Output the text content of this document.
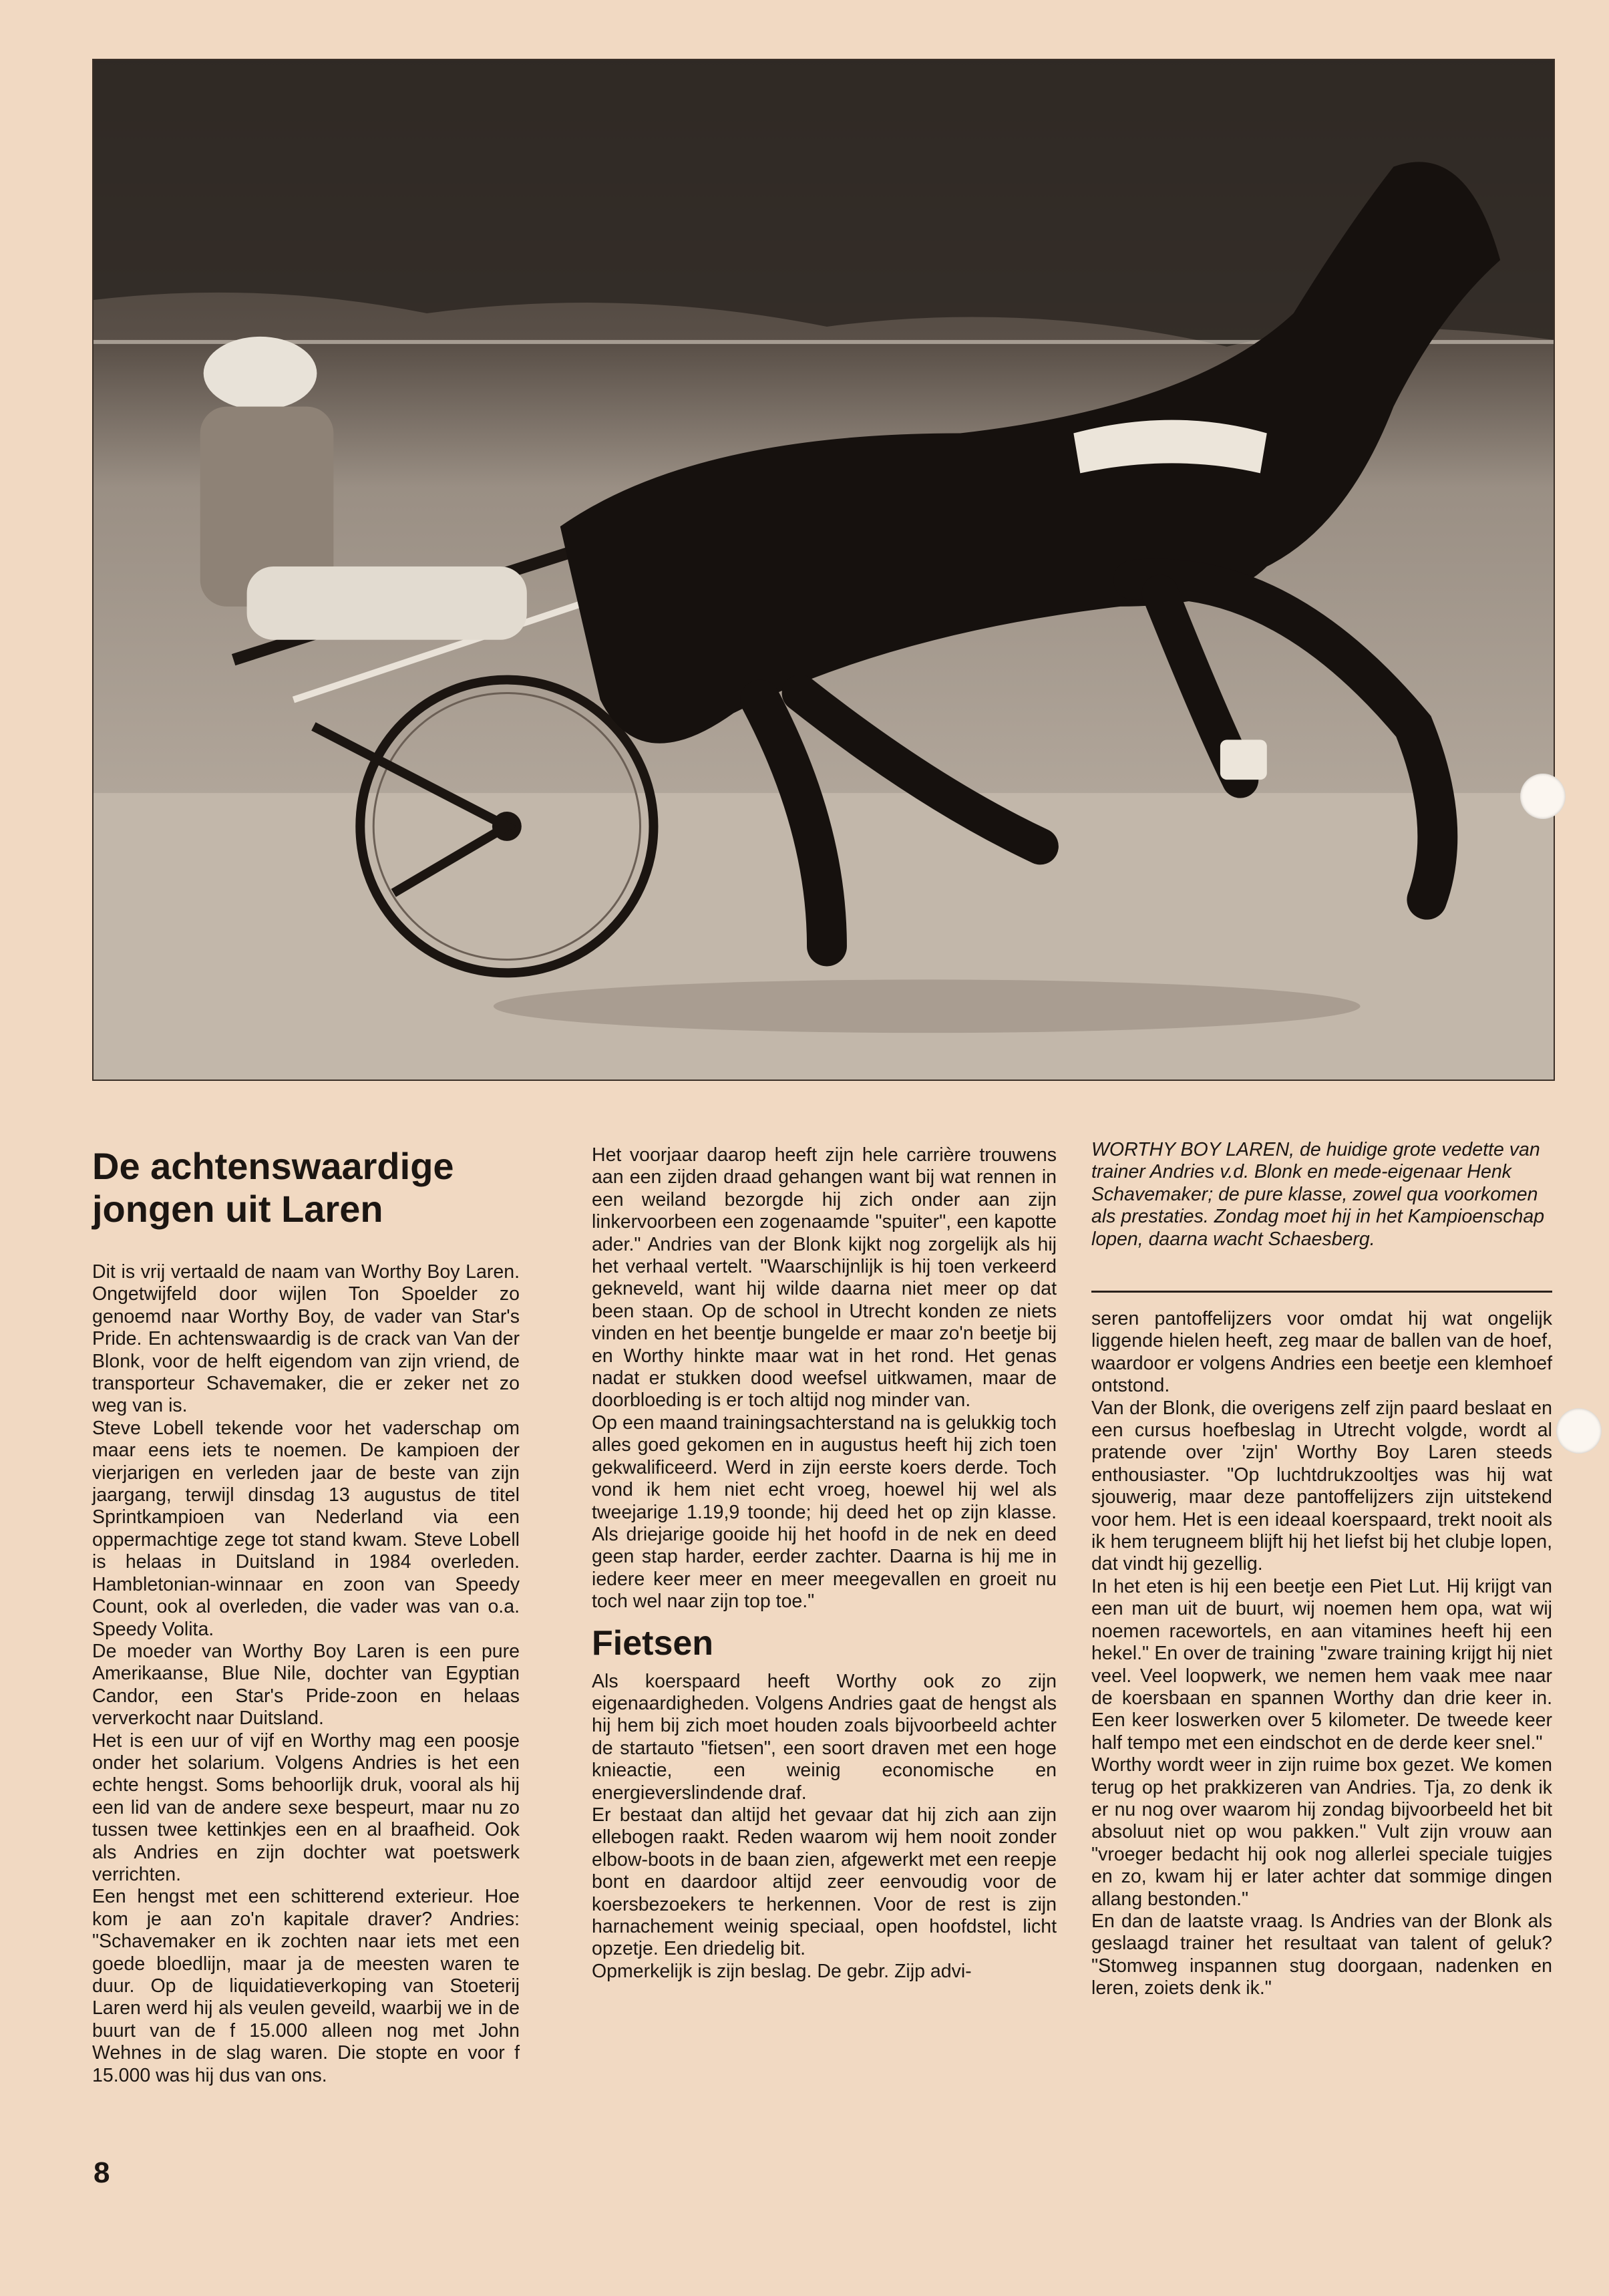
De achtenswaardige jongen uit Laren

Dit is vrij vertaald de naam van Worthy Boy Laren. Ongetwijfeld door wijlen Ton Spoelder zo genoemd naar Worthy Boy, de vader van Star's Pride. En achtenswaardig is de crack van Van der Blonk, voor de helft eigendom van zijn vriend, de transporteur Schavemaker, die er zeker net zo weg van is.

Steve Lobell tekende voor het vaderschap om maar eens iets te noemen. De kampioen der vierjarigen en verleden jaar de beste van zijn jaargang, terwijl dinsdag 13 augustus de titel Sprintkampioen van Nederland via een oppermachtige zege tot stand kwam. Steve Lobell is helaas in Duitsland in 1984 overleden. Hambletonian-winnaar en zoon van Speedy Count, ook al overleden, die vader was van o.a. Speedy Volita.

De moeder van Worthy Boy Laren is een pure Amerikaanse, Blue Nile, dochter van Egyptian Candor, een Star's Pride-zoon en helaas ververkocht naar Duitsland.

Het is een uur of vijf en Worthy mag een poosje onder het solarium. Volgens Andries is het een echte hengst. Soms behoorlijk druk, vooral als hij een lid van de andere sexe bespeurt, maar nu zo tussen twee kettinkjes een en al braafheid. Ook als Andries en zijn dochter wat poetswerk verrichten.

Een hengst met een schitterend exterieur. Hoe kom je aan zo'n kapitale draver? Andries: "Schavemaker en ik zochten naar iets met een goede bloedlijn, maar ja de meesten waren te duur. Op de liquidatieverkoping van Stoeterij Laren werd hij als veulen geveild, waarbij we in de buurt van de f 15.000 alleen nog met John Wehnes in de slag waren. Die stopte en voor f 15.000 was hij dus van ons.

Het voorjaar daarop heeft zijn hele carrière trouwens aan een zijden draad gehangen want bij wat rennen in een weiland bezorgde hij zich onder aan zijn linkervoorbeen een zogenaamde "spuiter", een kapotte ader." Andries van der Blonk kijkt nog zorgelijk als hij het verhaal vertelt. "Waarschijnlijk is hij toen verkeerd gekneveld, want hij wilde daarna niet meer op dat been staan. Op de school in Utrecht konden ze niets vinden en het beentje bungelde er maar zo'n beetje bij en Worthy hinkte maar wat in het rond. Het genas nadat er stukken dood weefsel uitkwamen, maar de doorbloeding is er toch altijd nog minder van.

Op een maand trainingsachterstand na is gelukkig toch alles goed gekomen en in augustus heeft hij zich toen gekwalificeerd. Werd in zijn eerste koers derde. Toch vond ik hem niet echt vroeg, hoewel hij wel als tweejarige 1.19,9 toonde; hij deed het op zijn klasse. Als driejarige gooide hij het hoofd in de nek en deed geen stap harder, eerder zachter. Daarna is hij me in iedere keer meer en meer meegevallen en groeit nu toch wel naar zijn top toe."

Fietsen

Als koerspaard heeft Worthy ook zo zijn eigenaardigheden. Volgens Andries gaat de hengst als hij hem bij zich moet houden zoals bijvoorbeeld achter de startauto "fietsen", een soort draven met een hoge knieactie, een weinig economische en energieverslindende draf.

Er bestaat dan altijd het gevaar dat hij zich aan zijn ellebogen raakt. Reden waarom wij hem nooit zonder elbow-boots in de baan zien, afgewerkt met een reepje bont en daardoor altijd zeer eenvoudig voor de koersbezoekers te herkennen. Voor de rest is zijn harnachement weinig speciaal, open hoofdstel, licht opzetje. Een driedelig bit.

Opmerkelijk is zijn beslag. De gebr. Zijp advi-

WORTHY BOY LAREN, de huidige grote vedette van trainer Andries v.d. Blonk en mede-eigenaar Henk Schavemaker; de pure klasse, zowel qua voorkomen als prestaties. Zondag moet hij in het Kampioenschap lopen, daarna wacht Schaesberg.

seren pantoffelijzers voor omdat hij wat ongelijk liggende hielen heeft, zeg maar de ballen van de hoef, waardoor er volgens Andries een beetje een klemhoef ontstond.

Van der Blonk, die overigens zelf zijn paard beslaat en een cursus hoefbeslag in Utrecht volgde, wordt al pratende over 'zijn' Worthy Boy Laren steeds enthousiaster. "Op luchtdrukzooltjes was hij wat sjouwerig, maar deze pantoffelijzers zijn uitstekend voor hem. Het is een ideaal koerspaard, trekt nooit als ik hem terugneem blijft hij het liefst bij het clubje lopen, dat vindt hij gezellig.

In het eten is hij een beetje een Piet Lut. Hij krijgt van een man uit de buurt, wij noemen hem opa, wat wij noemen racewortels, en aan vitamines heeft hij een hekel." En over de training "zware training krijgt hij niet veel. Veel loopwerk, we nemen hem vaak mee naar de koersbaan en spannen Worthy dan drie keer in. Een keer loswerken over 5 kilometer. De tweede keer half tempo met een eindschot en de derde keer snel."

Worthy wordt weer in zijn ruime box gezet. We komen terug op het prakkizeren van Andries. Tja, zo denk ik er nu nog over waarom hij zondag bijvoorbeeld het bit absoluut niet op wou pakken." Vult zijn vrouw aan "vroeger bedacht hij ook nog allerlei speciale tuigjes en zo, kwam hij er later achter dat sommige dingen allang bestonden."

En dan de laatste vraag. Is Andries van der Blonk als geslaagd trainer het resultaat van talent of geluk? "Stomweg inspannen stug doorgaan, nadenken en leren, zoiets denk ik."

8
